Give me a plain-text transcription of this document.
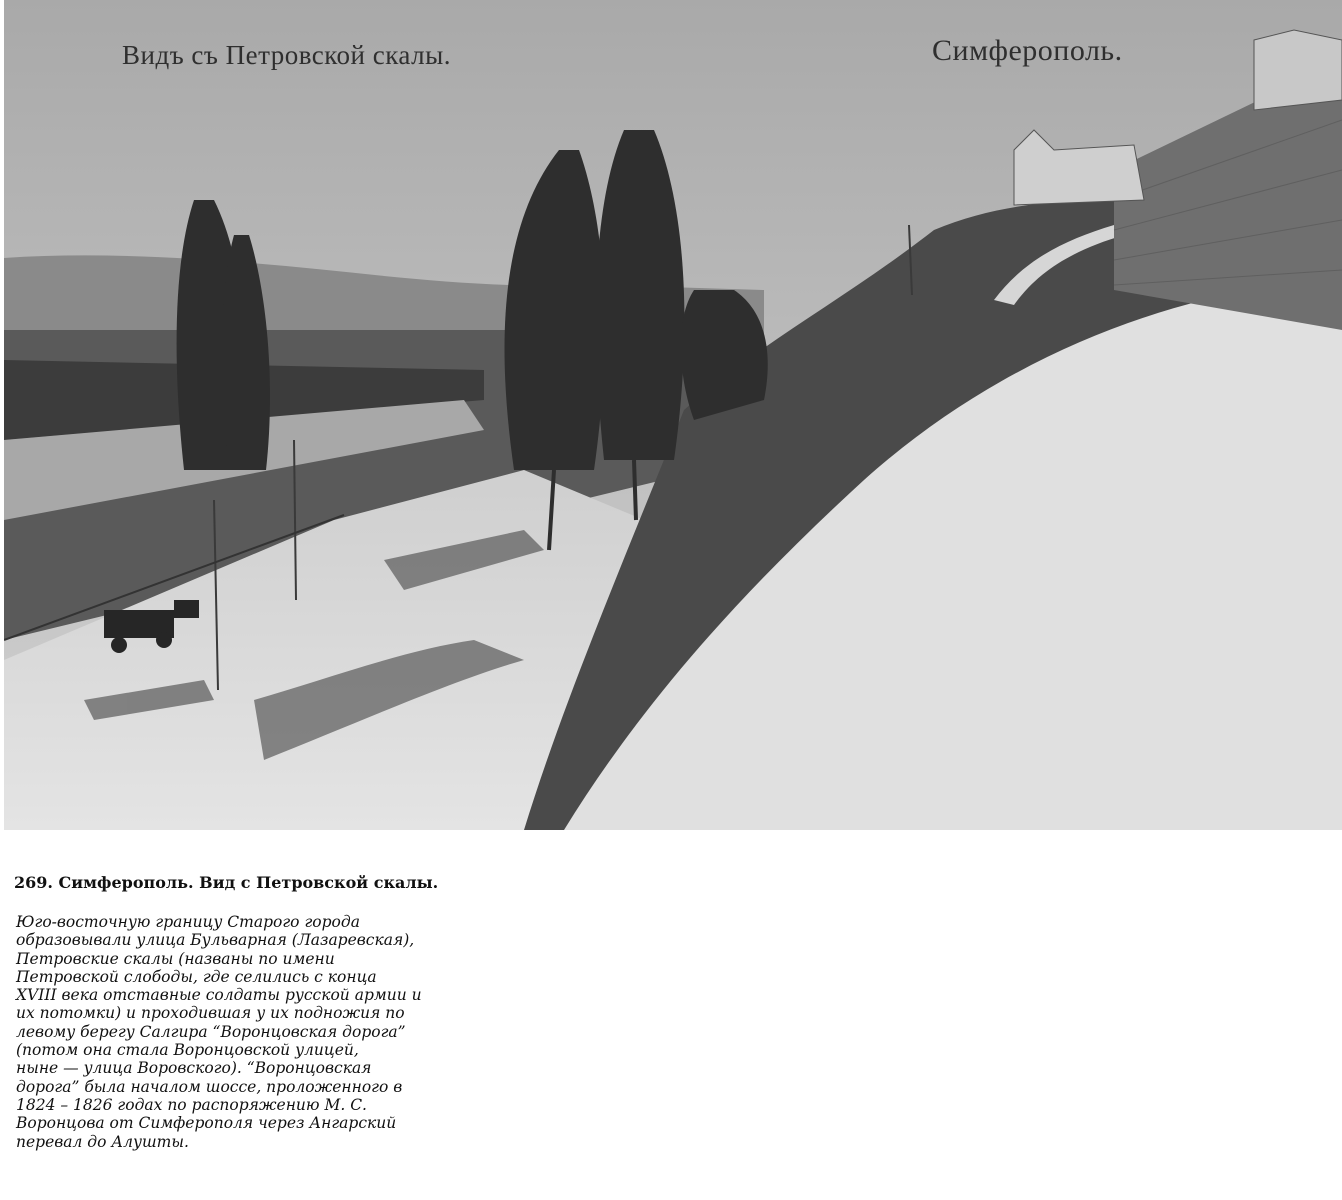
Видъ съ Петровской скалы.	Симферополь.
269. Симферополь. Вид с Петровской скалы.
Юго-восточную границу Старого города
образовывали улица Бульварная (Лазаревская),
Петровские скалы (названы по имени
Петровской слободы, где селились с конца
XVIII века отставные солдаты русской армии и
их потомки) и проходившая у их подножия по
левому берегу Салгира “Воронцовская дорога”
(потом она стала Воронцовской улицей,
ныне — улица Воровского). “Воронцовская
дорога” была началом шоссе, проложенного в
1824 – 1826 годах по распоряжению М. С.
Воронцова от Симферополя через Ангарский
перевал до Алушты.
